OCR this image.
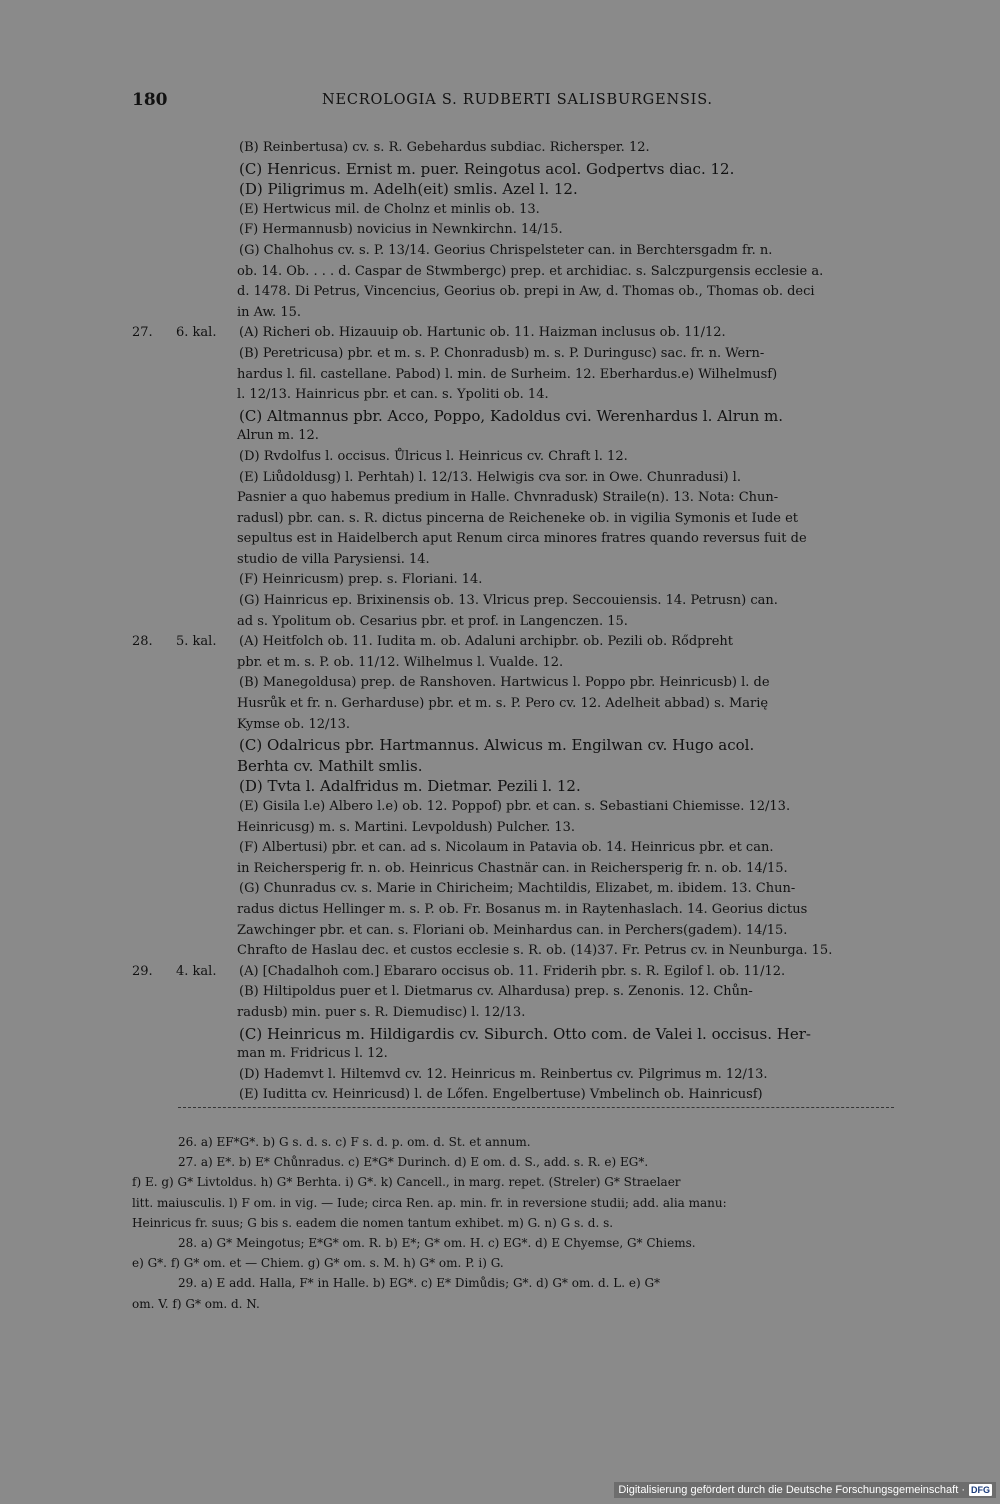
180	NECROLOGIA S. RUDBERTI SALISBURGENSIS.
(B) Reinbertusa) cv. s. R. Gebehardus subdiac. Richersper. 12.
(C) Henricus. Ernist m. puer. Reingotus acol. Godpertvs diac. 12.
(D) Piligrimus m. Adelh(eit) smlis. Azel l. 12.
(E) Hertwicus mil. de Cholnz et minlis ob. 13.
(F) Hermannusb) novicius in Newnkirchn. 14/15.
(G) Chalhohus cv. s. P. 13/14. Georius Chrispelsteter can. in Berchtersgadm fr. n.
ob. 14. Ob. . . . d. Caspar de Stwmbergc) prep. et archidiac. s. Salczpurgensis ecclesie a.
d. 1478. Di Petrus, Vincencius, Georius ob. prepi in Aw, d. Thomas ob., Thomas ob. deci
in Aw. 15.
27. 6. kal. (A) Richeri ob. Hizauuip ob. Hartunic ob. 11. Haizman inclusus ob. 11/12.
(B) Peretricusa) pbr. et m. s. P. Chonradusb) m. s. P. Duringusc) sac. fr. n. Wern-
hardus l. fil. castellane. Pabod) l. min. de Surheim. 12. Eberhardus.e) Wilhelmusf)
l. 12/13. Hainricus pbr. et can. s. Ypoliti ob. 14.
(C) Altmannus pbr. Acco, Poppo, Kadoldus cvi. Werenhardus l. Alrun m.
Alrun m. 12.
(D) Rvdolfus l. occisus. Ůlricus l. Heinricus cv. Chraft l. 12.
(E) Liůdoldusg) l. Perhtah) l. 12/13. Helwigis cva sor. in Owe. Chunradusi) l.
Pasnier a quo habemus predium in Halle. Chvnradusk) Straile(n). 13. Nota: Chun-
radusl) pbr. can. s. R. dictus pincerna de Reicheneke ob. in vigilia Symonis et Iude et
sepultus est in Haidelberch aput Renum circa minores fratres quando reversus fuit de
studio de villa Parysiensi. 14.
(F) Heinricusm) prep. s. Floriani. 14.
(G) Hainricus ep. Brixinensis ob. 13. Vlricus prep. Seccouiensis. 14. Petrusn) can.
ad s. Ypolitum ob. Cesarius pbr. et prof. in Langenczen. 15.
28. 5. kal. (A) Heitfolch ob. 11. Iudita m. ob. Adaluni archipbr. ob. Pezili ob. Rődpreht
pbr. et m. s. P. ob. 11/12. Wilhelmus l. Vualde. 12.
(B) Manegoldusa) prep. de Ranshoven. Hartwicus l. Poppo pbr. Heinricusb) l. de
Husrůk et fr. n. Gerharduse) pbr. et m. s. P. Pero cv. 12. Adelheit abbad) s. Marię
Kymse ob. 12/13.
(C) Odalricus pbr. Hartmannus. Alwicus m. Engilwan cv. Hugo acol.
Berhta cv. Mathilt smlis.
(D) Tvta l. Adalfridus m. Dietmar. Pezili l. 12.
(E) Gisila l.e) Albero l.e) ob. 12. Poppof) pbr. et can. s. Sebastiani Chiemisse. 12/13.
Heinricusg) m. s. Martini. Levpoldush) Pulcher. 13.
(F) Albertusi) pbr. et can. ad s. Nicolaum in Patavia ob. 14. Heinricus pbr. et can.
in Reichersperig fr. n. ob. Heinricus Chastnär can. in Reichersperig fr. n. ob. 14/15.
(G) Chunradus cv. s. Marie in Chiricheim; Machtildis, Elizabet, m. ibidem. 13. Chun-
radus dictus Hellinger m. s. P. ob. Fr. Bosanus m. in Raytenhaslach. 14. Georius dictus
Zawchinger pbr. et can. s. Floriani ob. Meinhardus can. in Perchers(gadem). 14/15.
Chrafto de Haslau dec. et custos ecclesie s. R. ob. (14)37. Fr. Petrus cv. in Neunburga. 15.
29. 4. kal. (A) [Chadalhoh com.] Ebararo occisus ob. 11. Friderih pbr. s. R. Egilof l. ob. 11/12.
(B) Hiltipoldus puer et l. Dietmarus cv. Alhardusa) prep. s. Zenonis. 12. Chůn-
radusb) min. puer s. R. Diemudisc) l. 12/13.
(C) Heinricus m. Hildigardis cv. Siburch. Otto com. de Valei l. occisus. Her-
man m. Fridricus l. 12.
(D) Hademvt l. Hiltemvd cv. 12. Heinricus m. Reinbertus cv. Pilgrimus m. 12/13.
(E) Iuditta cv. Heinricusd) l. de Lőfen. Engelbertuse) Vmbelinch ob. Hainricusf)
26. a) EF*G*. b) G s. d. s. c) F s. d. p. om. d. St. et annum.
27. a) E*. b) E* Chůnradus. c) E*G* Durinch. d) E om. d. S., add. s. R. e) EG*.
f) E. g) G* Livtoldus. h) G* Berhta. i) G*. k) Cancell., in marg. repet. (Streler) G* Straelaer
litt. maiusculis. l) F om. in vig. — Iude; circa Ren. ap. min. fr. in reversione studii; add. alia manu:
Heinricus fr. suus; G bis s. eadem die nomen tantum exhibet. m) G. n) G s. d. s.
28. a) G* Meingotus; E*G* om. R. b) E*; G* om. H. c) EG*. d) E Chyemse, G* Chiems.
e) G*. f) G* om. et — Chiem. g) G* om. s. M. h) G* om. P. i) G.
29. a) E add. Halla, F* in Halle. b) EG*. c) E* Dimůdis; G*. d) G* om. d. L. e) G*
om. V. f) G* om. d. N.
Digitalisierung gefördert durch die Deutsche Forschungsgemeinschaft · DFG
